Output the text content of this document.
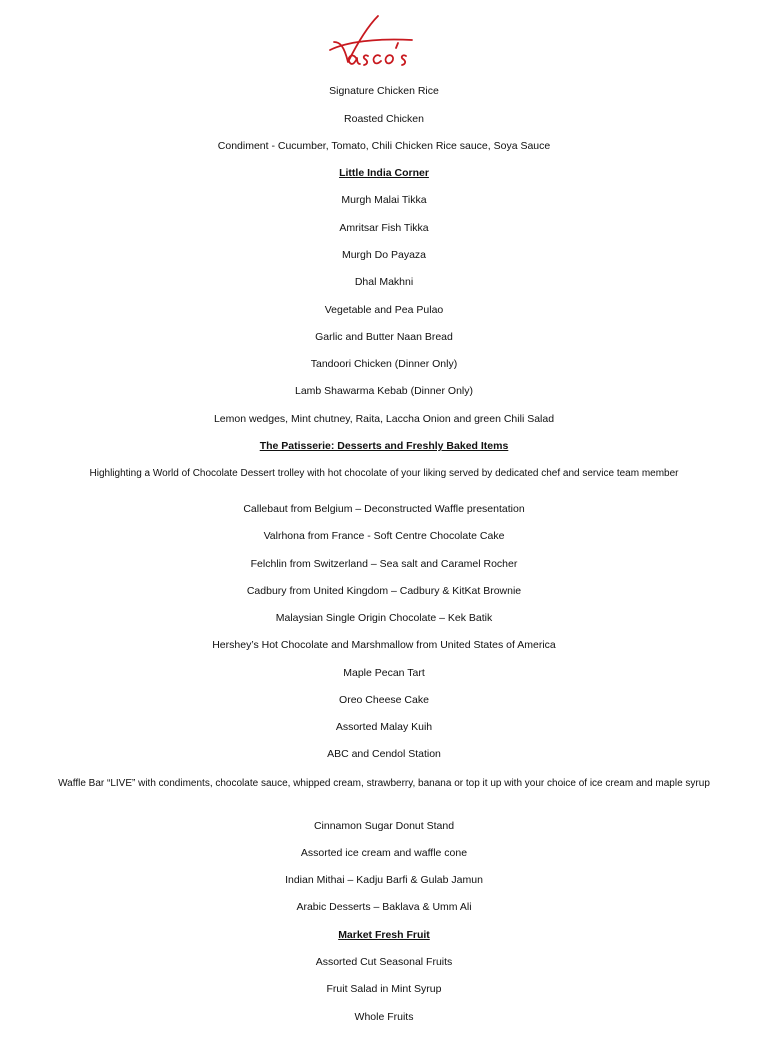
Signature Chicken Rice
Roasted Chicken
Condiment - Cucumber, Tomato, Chili Chicken Rice sauce, Soya Sauce
Little India Corner
Murgh Malai Tikka
Amritsar Fish Tikka
Murgh Do Payaza
Dhal Makhni
Vegetable and Pea Pulao
Garlic and Butter Naan Bread
Tandoori Chicken (Dinner Only)
Lamb Shawarma Kebab (Dinner Only)
Lemon wedges, Mint chutney, Raita, Laccha Onion and green Chili Salad
The Patisserie: Desserts and Freshly Baked Items
Highlighting a World of Chocolate Dessert trolley with hot chocolate of your liking served by dedicated chef and service team member
Callebaut from Belgium – Deconstructed Waffle presentation
Valrhona from France - Soft Centre Chocolate Cake
Felchlin from Switzerland – Sea salt and Caramel Rocher
Cadbury from United Kingdom – Cadbury & KitKat Brownie
Malaysian Single Origin Chocolate – Kek Batik
Hershey’s Hot Chocolate and Marshmallow from United States of America
Maple Pecan Tart
Oreo Cheese Cake
Assorted Malay Kuih
ABC and Cendol Station
Waffle Bar “LIVE” with condiments, chocolate sauce, whipped cream, strawberry, banana or top it up with your choice of ice cream and maple syrup
Cinnamon Sugar Donut Stand
Assorted ice cream and waffle cone
Indian Mithai – Kadju Barfi & Gulab Jamun
Arabic Desserts – Baklava & Umm Ali
Market Fresh Fruit
Assorted Cut Seasonal Fruits
Fruit Salad in Mint Syrup
Whole Fruits
